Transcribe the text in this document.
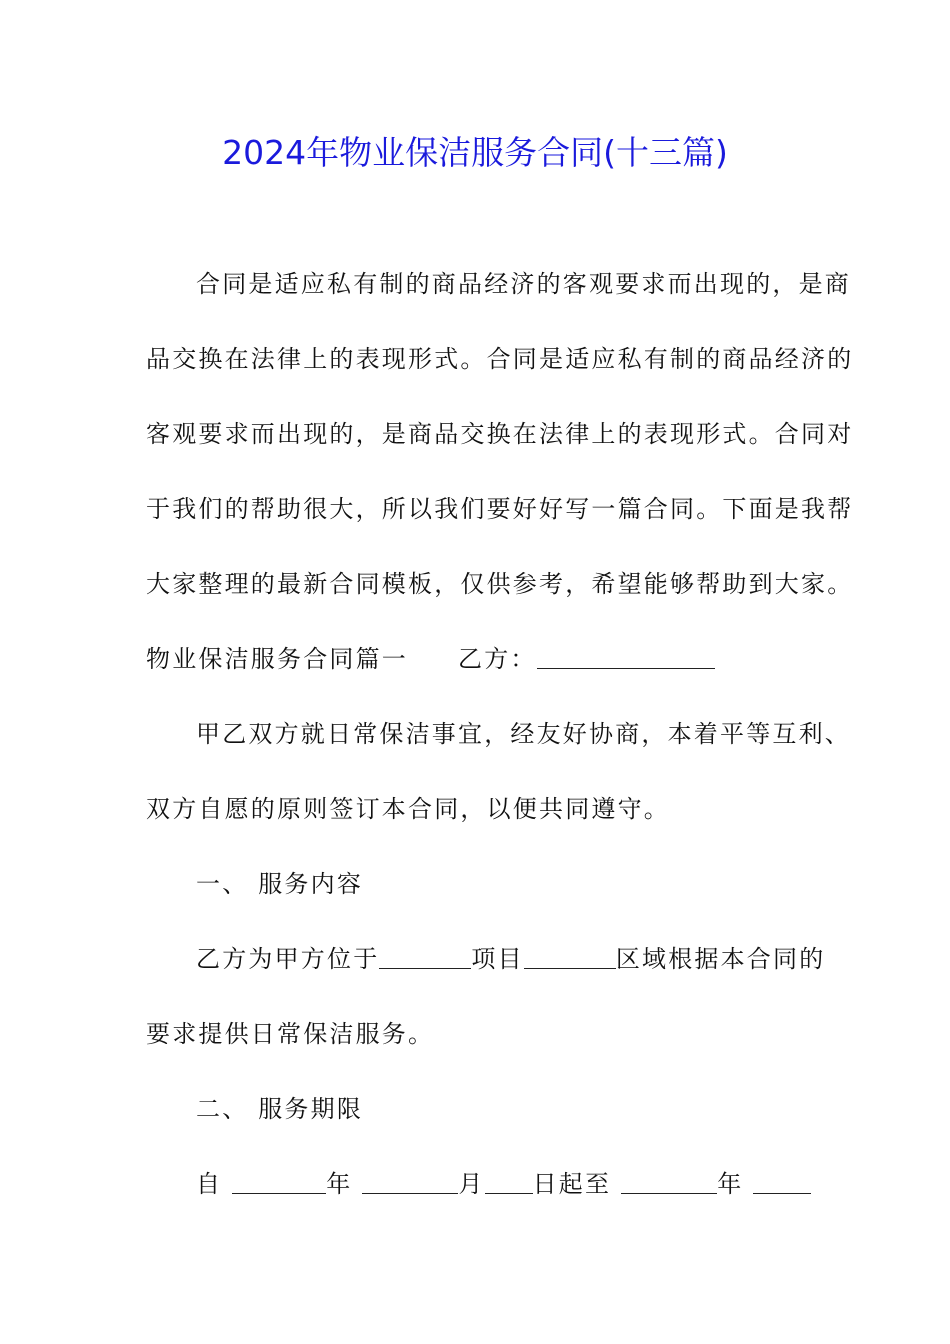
2024年物业保洁服务合同(十三篇)
合同是适应私有制的商品经济的客观要求而出现的，是商
品交换在法律上的表现形式。合同是适应私有制的商品经济的
客观要求而出现的，是商品交换在法律上的表现形式。合同对
于我们的帮助很大，所以我们要好好写一篇合同。下面是我帮
大家整理的最新合同模板，仅供参考，希望能够帮助到大家。
物业保洁服务合同篇一 乙方：
甲乙双方就日常保洁事宜，经友好协商，本着平等互利、
双方自愿的原则签订本合同，以便共同遵守。
一、 服务内容
乙方为甲方位于	项目	区域根据本合同的
要求提供日常保洁服务。
二、 服务期限
自	年	月 日起至	年
